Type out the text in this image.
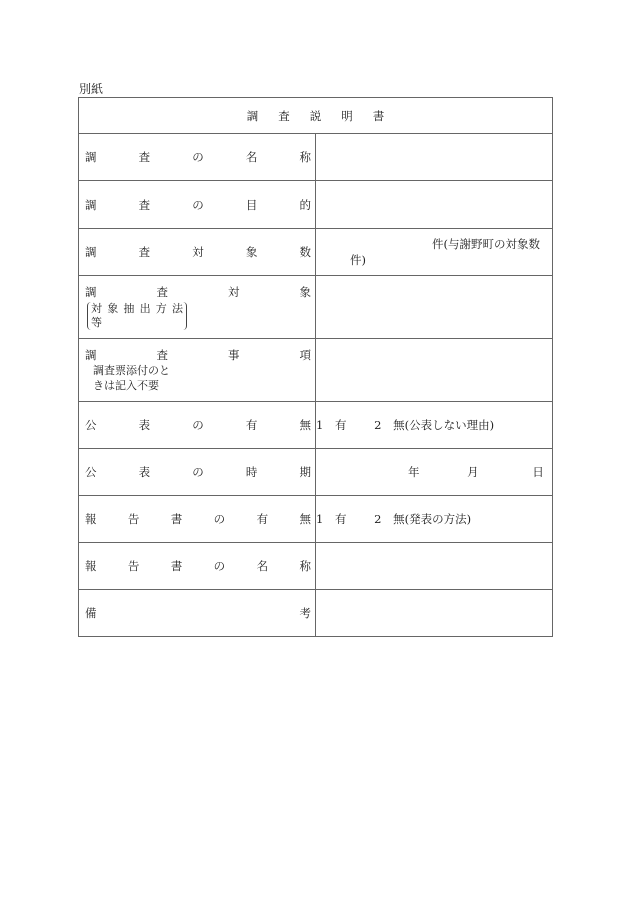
別紙
調 査 説 明 書	

調 査 の 名 称	

調 査 の 目 的	

調 査 対 象 数	件(与謝野町の対象数件)

調	査	対	象
対 象 抽 出 方 法
等

調	査	事	項
調査票添付のと
きは記入不要

公 表 の 有 無	1 有 2 無(公表しない理由)

公 表 の 時 期	年 月 日

報	告	書	の	有	無	1 有 2 無(発表の方法)

報	告	書	の	名	称

備 考	
